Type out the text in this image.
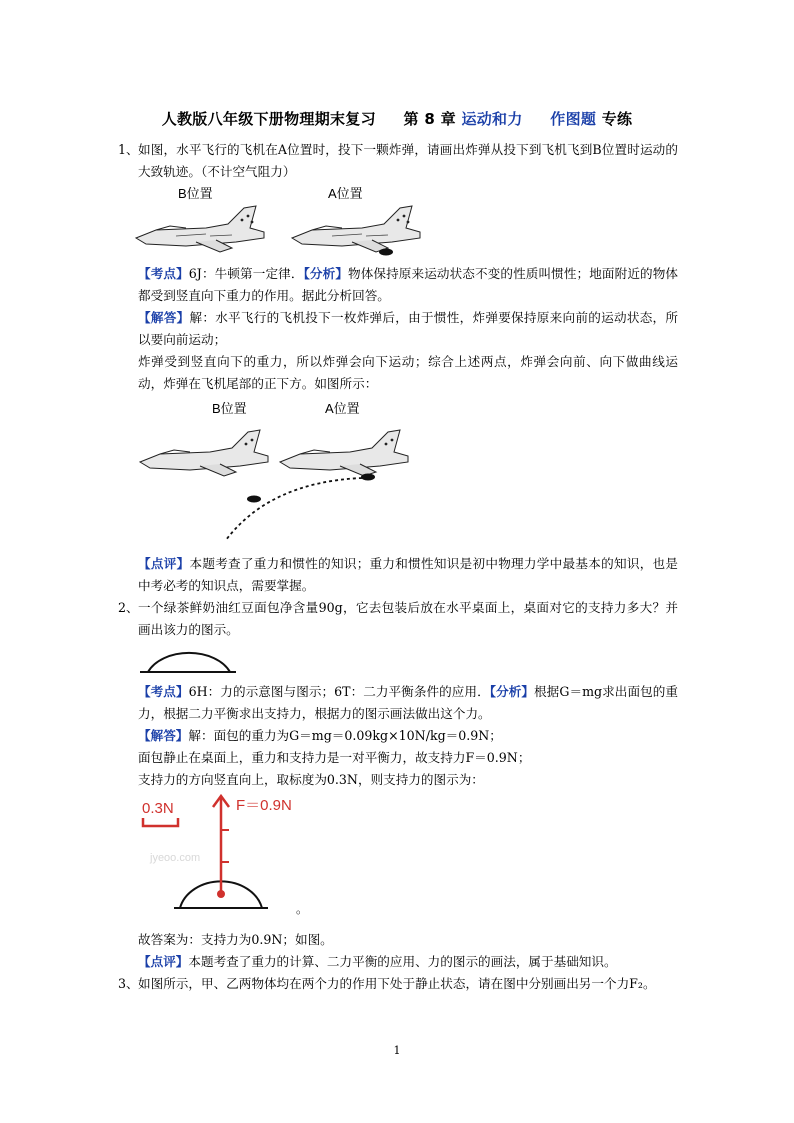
人教版八年级下册物理期末复习 第 8 章 运动和力 作图题 专练
1、 如图，水平飞行的飞机在A位置时，投下一颗炸弹，请画出炸弹从投下到飞机飞到B位置时运动的大致轨迹。（不计空气阻力）
B位置	A位置
【考点】6J：牛顿第一定律．【分析】物体保持原来运动状态不变的性质叫惯性；地面附近的物体都受到竖直向下重力的作用。据此分析回答。
【解答】解：水平飞行的飞机投下一枚炸弹后，由于惯性，炸弹要保持原来向前的运动状态，所以要向前运动；
炸弹受到竖直向下的重力，所以炸弹会向下运动；综合上述两点，炸弹会向前、向下做曲线运动，炸弹在飞机尾部的正下方。如图所示：
B位置	A位置
【点评】本题考查了重力和惯性的知识；重力和惯性知识是初中物理力学中最基本的知识，也是中考必考的知识点，需要掌握。
2、 一个绿茶鲜奶油红豆面包净含量90g，它去包装后放在水平桌面上，桌面对它的支持力多大？并画出该力的图示。
【考点】6H：力的示意图与图示；6T：二力平衡条件的应用．【分析】根据G＝mg求出面包的重力，根据二力平衡求出支持力，根据力的图示画法做出这个力。
【解答】解：面包的重力为G＝mg＝0.09kg×10N/kg＝0.9N；
面包静止在桌面上，重力和支持力是一对平衡力，故支持力F＝0.9N；
支持力的方向竖直向上，取标度为0.3N，则支持力的图示为：
0.3N	F＝0.9N
jyeoo.com
。
故答案为：支持力为0.9N；如图。
【点评】本题考查了重力的计算、二力平衡的应用、力的图示的画法，属于基础知识。
3、 如图所示，甲、乙两物体均在两个力的作用下处于静止状态，请在图中分别画出另一个力F₂。
1
